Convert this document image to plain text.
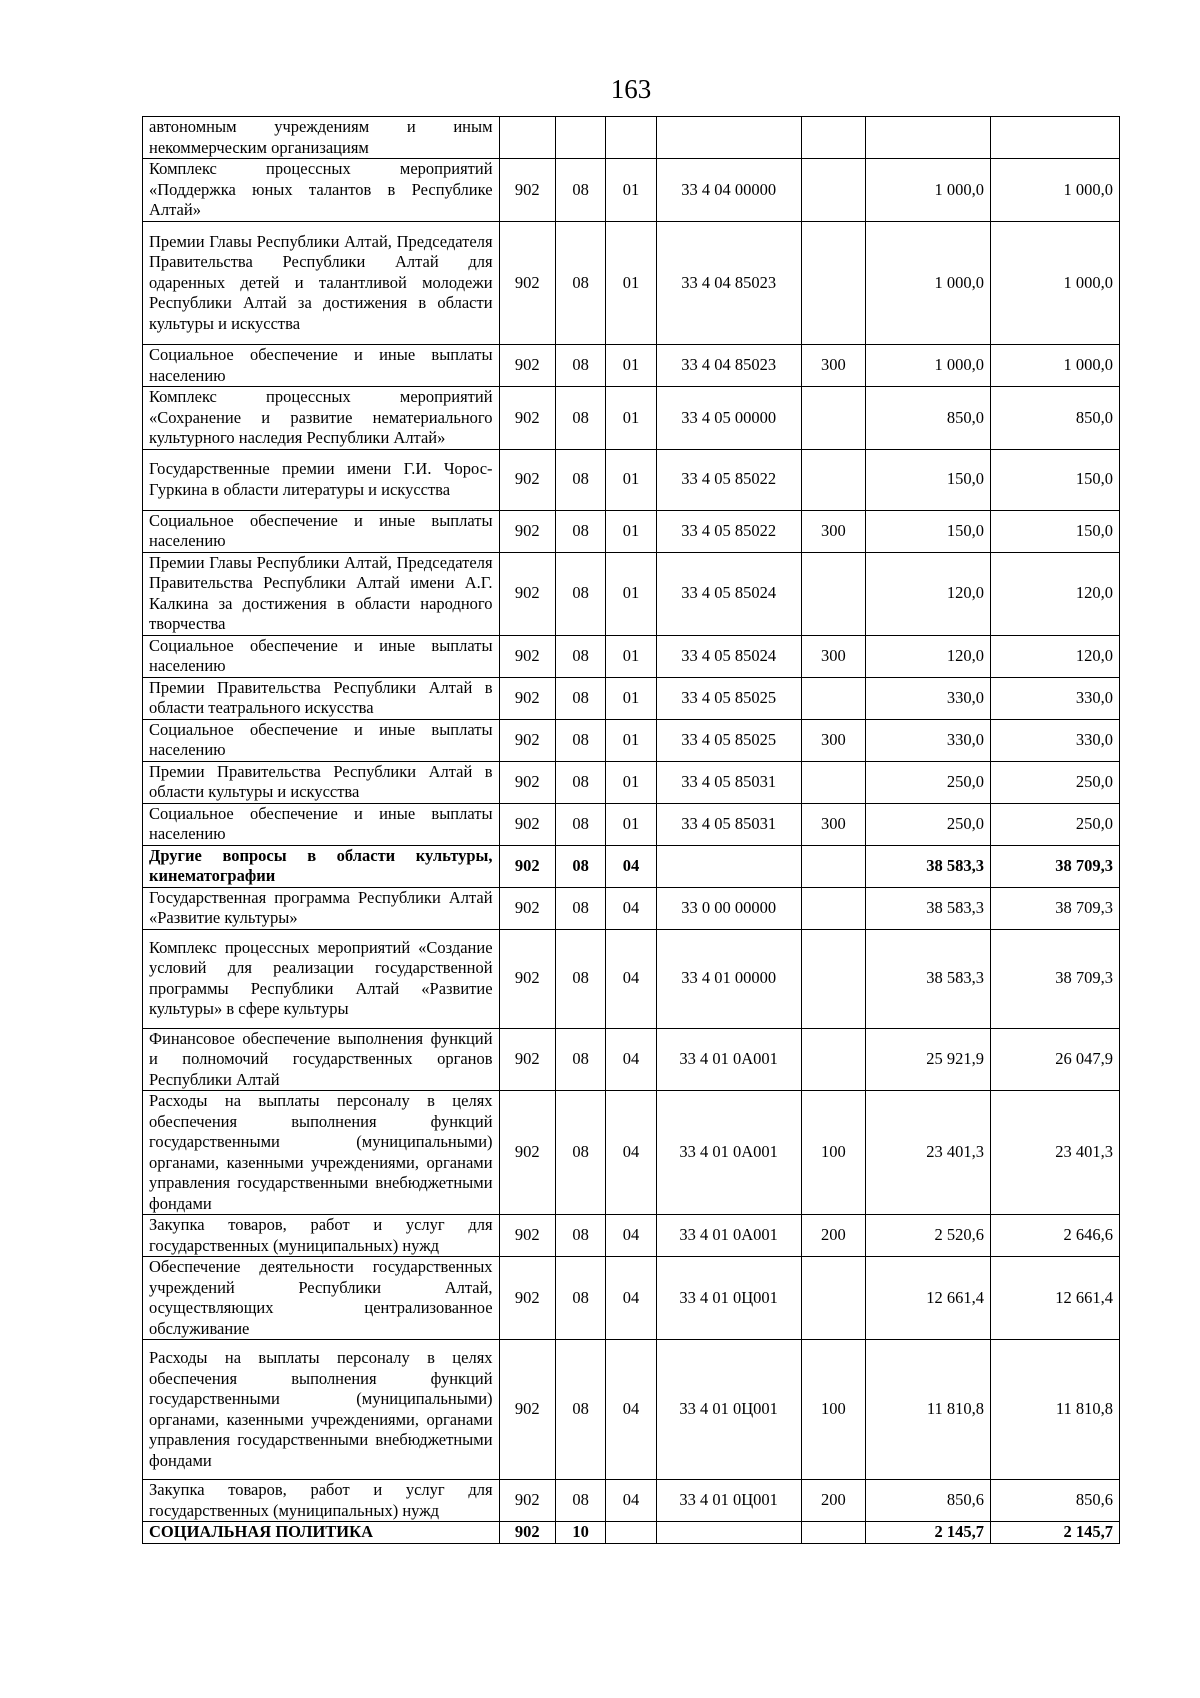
163
автономным учреждениям и иным некоммерческим организациям							
Комплекс процессных мероприятий «Поддержка юных талантов в Республике Алтай»	902	08	01	33 4 04 00000		1 000,0	1 000,0
Премии Главы Республики Алтай, Председателя Правительства Республики Алтай для одаренных детей и талантливой молодежи Республики Алтай за достижения в области культуры и искусства	902	08	01	33 4 04 85023		1 000,0	1 000,0
Социальное обеспечение и иные выплаты населению	902	08	01	33 4 04 85023	300	1 000,0	1 000,0
Комплекс процессных мероприятий «Сохранение и развитие нематериального культурного наследия Республики Алтай»	902	08	01	33 4 05 00000		850,0	850,0
Государственные премии имени Г.И. Чорос-Гуркина в области литературы и искусства	902	08	01	33 4 05 85022		150,0	150,0
Социальное обеспечение и иные выплаты населению	902	08	01	33 4 05 85022	300	150,0	150,0
Премии Главы Республики Алтай, Председателя Правительства Республики Алтай имени А.Г. Калкина за достижения в области народного творчества	902	08	01	33 4 05 85024		120,0	120,0
Социальное обеспечение и иные выплаты населению	902	08	01	33 4 05 85024	300	120,0	120,0
Премии Правительства Республики Алтай в области театрального искусства	902	08	01	33 4 05 85025		330,0	330,0
Социальное обеспечение и иные выплаты населению	902	08	01	33 4 05 85025	300	330,0	330,0
Премии Правительства Республики Алтай в области культуры и искусства	902	08	01	33 4 05 85031		250,0	250,0
Социальное обеспечение и иные выплаты населению	902	08	01	33 4 05 85031	300	250,0	250,0
Другие вопросы в области культуры, кинематографии	902	08	04			38 583,3	38 709,3
Государственная программа Республики Алтай «Развитие культуры»	902	08	04	33 0 00 00000		38 583,3	38 709,3
Комплекс процессных мероприятий «Создание условий для реализации государственной программы Республики Алтай «Развитие культуры» в сфере культуры	902	08	04	33 4 01 00000		38 583,3	38 709,3
Финансовое обеспечение выполнения функций и полномочий государственных органов Республики Алтай	902	08	04	33 4 01 0А001		25 921,9	26 047,9
Расходы на выплаты персоналу в целях обеспечения выполнения функций государственными (муниципальными) органами, казенными учреждениями, органами управления государственными внебюджетными фондами	902	08	04	33 4 01 0А001	100	23 401,3	23 401,3
Закупка товаров, работ и услуг для государственных (муниципальных) нужд	902	08	04	33 4 01 0А001	200	2 520,6	2 646,6
Обеспечение деятельности государственных учреждений Республики Алтай, осуществляющих централизованное обслуживание	902	08	04	33 4 01 0Ц001		12 661,4	12 661,4
Расходы на выплаты персоналу в целях обеспечения выполнения функций государственными (муниципальными) органами, казенными учреждениями, органами управления государственными внебюджетными фондами	902	08	04	33 4 01 0Ц001	100	11 810,8	11 810,8
Закупка товаров, работ и услуг для государственных (муниципальных) нужд	902	08	04	33 4 01 0Ц001	200	850,6	850,6
СОЦИАЛЬНАЯ ПОЛИТИКА	902	10				2 145,7	2 145,7
